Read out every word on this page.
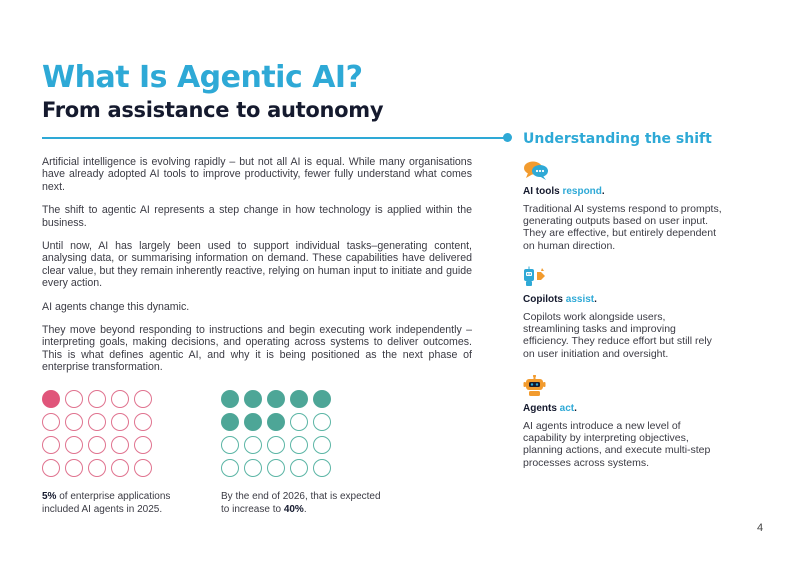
What Is Agentic AI?
From assistance to autonomy

Artificial intelligence is evolving rapidly – but not all AI is equal. While many organisations have already adopted AI tools to improve productivity, fewer fully understand what comes next.

The shift to agentic AI represents a step change in how technology is applied within the business.

Until now, AI has largely been used to support individual tasks–generating content, analysing data, or summarising information on demand. These capabilities have delivered clear value, but they remain inherently reactive, relying on human input to initiate and guide every action.

AI agents change this dynamic.

They move beyond responding to instructions and begin executing work independently – interpreting goals, making decisions, and operating across systems to deliver outcomes. This is what defines agentic AI, and why it is being positioned as the next phase of enterprise transformation.

5% of enterprise applications included AI agents in 2025.
By the end of 2026, that is expected to increase to 40%.
Understanding the shift
AI tools respond.
Traditional AI systems respond to prompts, generating outputs based on user input. They are effective, but entirely dependent on human direction.
Copilots assist.
Copilots work alongside users, streamlining tasks and improving efficiency. They reduce effort but still rely on user initiation and oversight.
Agents act.
AI agents introduce a new level of capability by interpreting objectives, planning actions, and execute multi-step processes across systems.
4
